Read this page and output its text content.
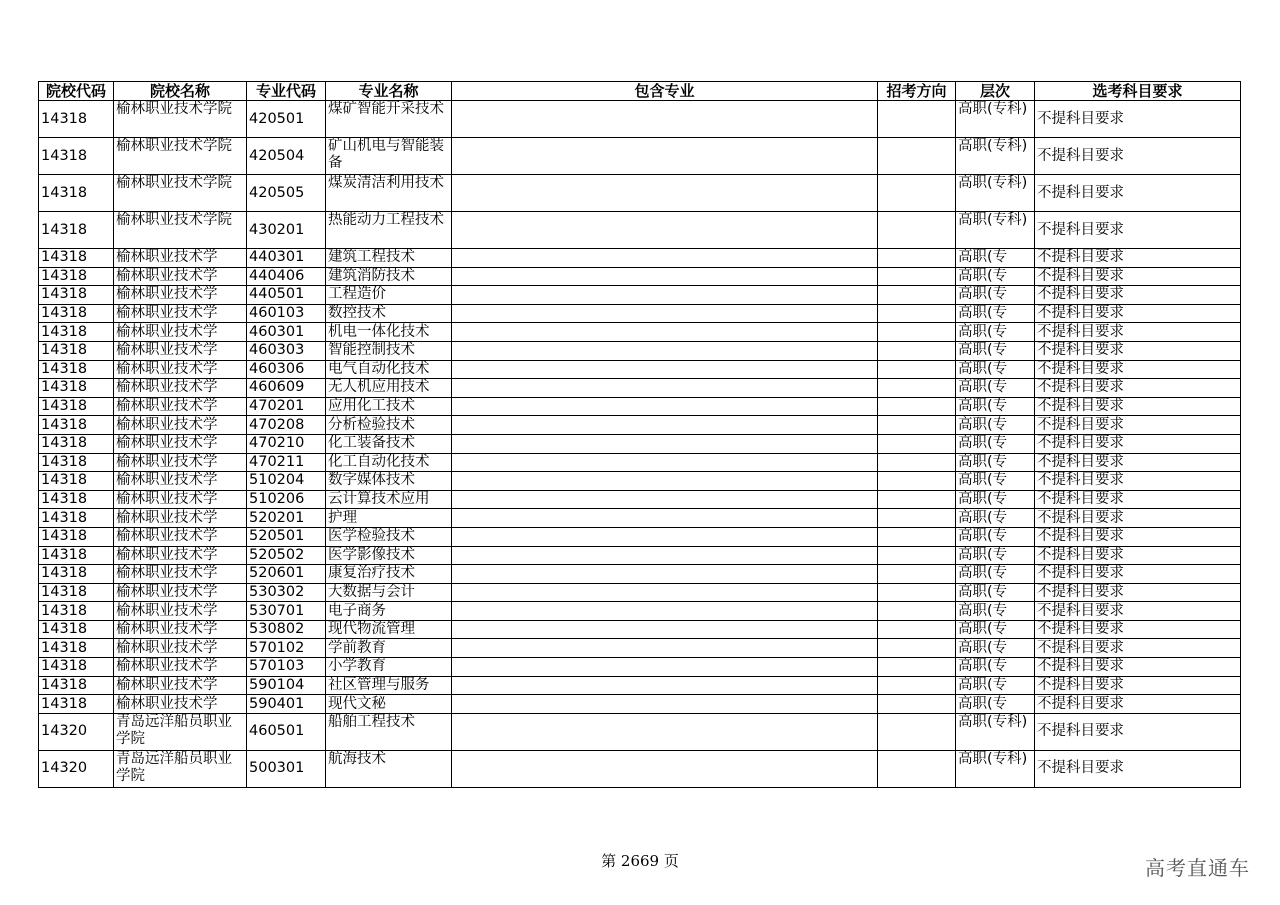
院校代码	院校名称	专业代码	专业名称	包含专业	招考方向	层次	选考科目要求
14318	榆林职业技术学院	420501	煤矿智能开采技术			高职(专科)	不提科目要求
14318	榆林职业技术学院	420504	矿山机电与智能装备			高职(专科)	不提科目要求
14318	榆林职业技术学院	420505	煤炭清洁利用技术			高职(专科)	不提科目要求
14318	榆林职业技术学院	430201	热能动力工程技术			高职(专科)	不提科目要求
14318	榆林职业技术学	440301	建筑工程技术			高职(专	不提科目要求
14318	榆林职业技术学	440406	建筑消防技术			高职(专	不提科目要求
14318	榆林职业技术学	440501	工程造价			高职(专	不提科目要求
14318	榆林职业技术学	460103	数控技术			高职(专	不提科目要求
14318	榆林职业技术学	460301	机电一体化技术			高职(专	不提科目要求
14318	榆林职业技术学	460303	智能控制技术			高职(专	不提科目要求
14318	榆林职业技术学	460306	电气自动化技术			高职(专	不提科目要求
14318	榆林职业技术学	460609	无人机应用技术			高职(专	不提科目要求
14318	榆林职业技术学	470201	应用化工技术			高职(专	不提科目要求
14318	榆林职业技术学	470208	分析检验技术			高职(专	不提科目要求
14318	榆林职业技术学	470210	化工装备技术			高职(专	不提科目要求
14318	榆林职业技术学	470211	化工自动化技术			高职(专	不提科目要求
14318	榆林职业技术学	510204	数字媒体技术			高职(专	不提科目要求
14318	榆林职业技术学	510206	云计算技术应用			高职(专	不提科目要求
14318	榆林职业技术学	520201	护理			高职(专	不提科目要求
14318	榆林职业技术学	520501	医学检验技术			高职(专	不提科目要求
14318	榆林职业技术学	520502	医学影像技术			高职(专	不提科目要求
14318	榆林职业技术学	520601	康复治疗技术			高职(专	不提科目要求
14318	榆林职业技术学	530302	大数据与会计			高职(专	不提科目要求
14318	榆林职业技术学	530701	电子商务			高职(专	不提科目要求
14318	榆林职业技术学	530802	现代物流管理			高职(专	不提科目要求
14318	榆林职业技术学	570102	学前教育			高职(专	不提科目要求
14318	榆林职业技术学	570103	小学教育			高职(专	不提科目要求
14318	榆林职业技术学	590104	社区管理与服务			高职(专	不提科目要求
14318	榆林职业技术学	590401	现代文秘			高职(专	不提科目要求
14320	青岛远洋船员职业学院	460501	船舶工程技术			高职(专科)	不提科目要求
14320	青岛远洋船员职业学院	500301	航海技术			高职(专科)	不提科目要求
第 2669 页	高考直通车
